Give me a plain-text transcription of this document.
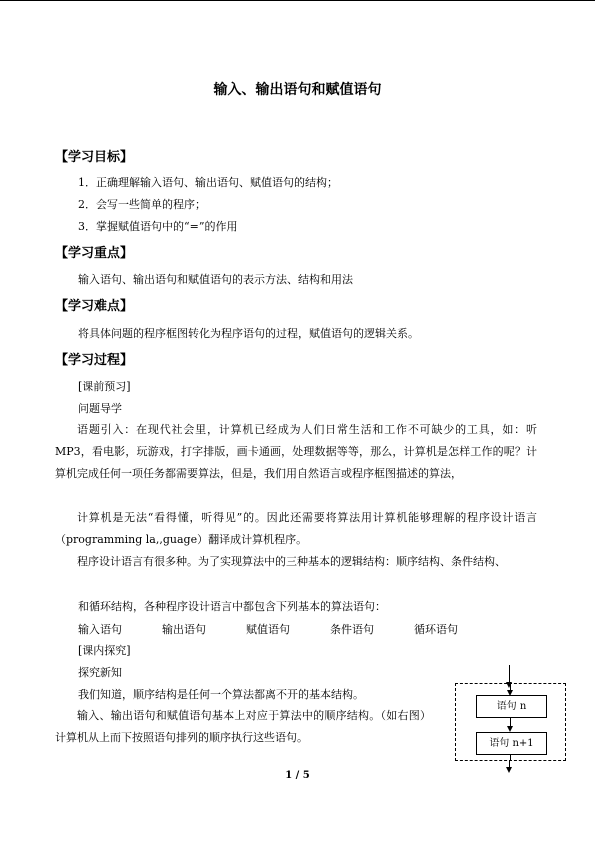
输入、输出语句和赋值语句
【学习目标】
1．正确理解输入语句、输出语句、赋值语句的结构；
2．会写一些简单的程序；
3．掌握赋值语句中的“=”的作用
【学习重点】
输入语句、输出语句和赋值语句的表示方法、结构和用法
【学习难点】
将具体问题的程序框图转化为程序语句的过程，赋值语句的逻辑关系。
【学习过程】
[课前预习]
问题导学
语题引入：在现代社会里，计算机已经成为人们日常生活和工作不可缺少的工具，如：听 MP3，看电影，玩游戏，打字排版，画卡通画，处理数据等等，那么，计算机是怎样工作的呢？计算机完成任何一项任务都需要算法，但是，我们用自然语言或程序框图描述的算法，
计算机是无法“看得懂，听得见”的。因此还需要将算法用计算机能够理解的程序设计语言（programming la,,guage）翻译成计算机程序。
程序设计语言有很多种。为了实现算法中的三种基本的逻辑结构：顺序结构、条件结构、
和循环结构，各种程序设计语言中都包含下列基本的算法语句：
输入语句	输出语句	赋值语句	条件语句	循环语句
[课内探究]
探究新知
我们知道，顺序结构是任何一个算法都离不开的基本结构。
输入、输出语句和赋值语句基本上对应于算法中的顺序结构。（如右图）计算机从上而下按照语句排列的顺序执行这些语句。
语句 n
语句 n+1
1 / 5
